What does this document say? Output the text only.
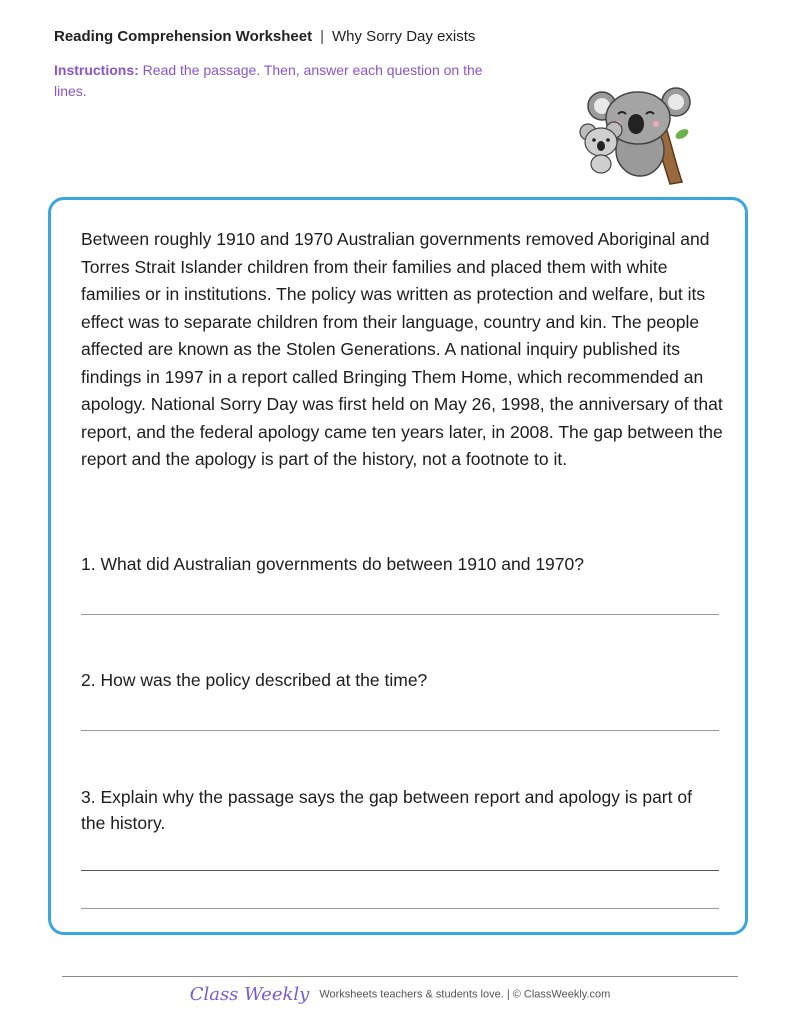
Reading Comprehension Worksheet | Why Sorry Day exists
Instructions: Read the passage. Then, answer each question on the lines.

Between roughly 1910 and 1970 Australian governments removed Aboriginal and Torres Strait Islander children from their families and placed them with white families or in institutions. The policy was written as protection and welfare, but its effect was to separate children from their language, country and kin. The people affected are known as the Stolen Generations. A national inquiry published its findings in 1997 in a report called Bringing Them Home, which recommended an apology. National Sorry Day was first held on May 26, 1998, the anniversary of that report, and the federal apology came ten years later, in 2008. The gap between the report and the apology is part of the history, not a footnote to it.

1. What did Australian governments do between 1910 and 1970?

2. How was the policy described at the time?

3. Explain why the passage says the gap between report and apology is part of the history.

Class Weekly Worksheets teachers & students love. | © ClassWeekly.com
